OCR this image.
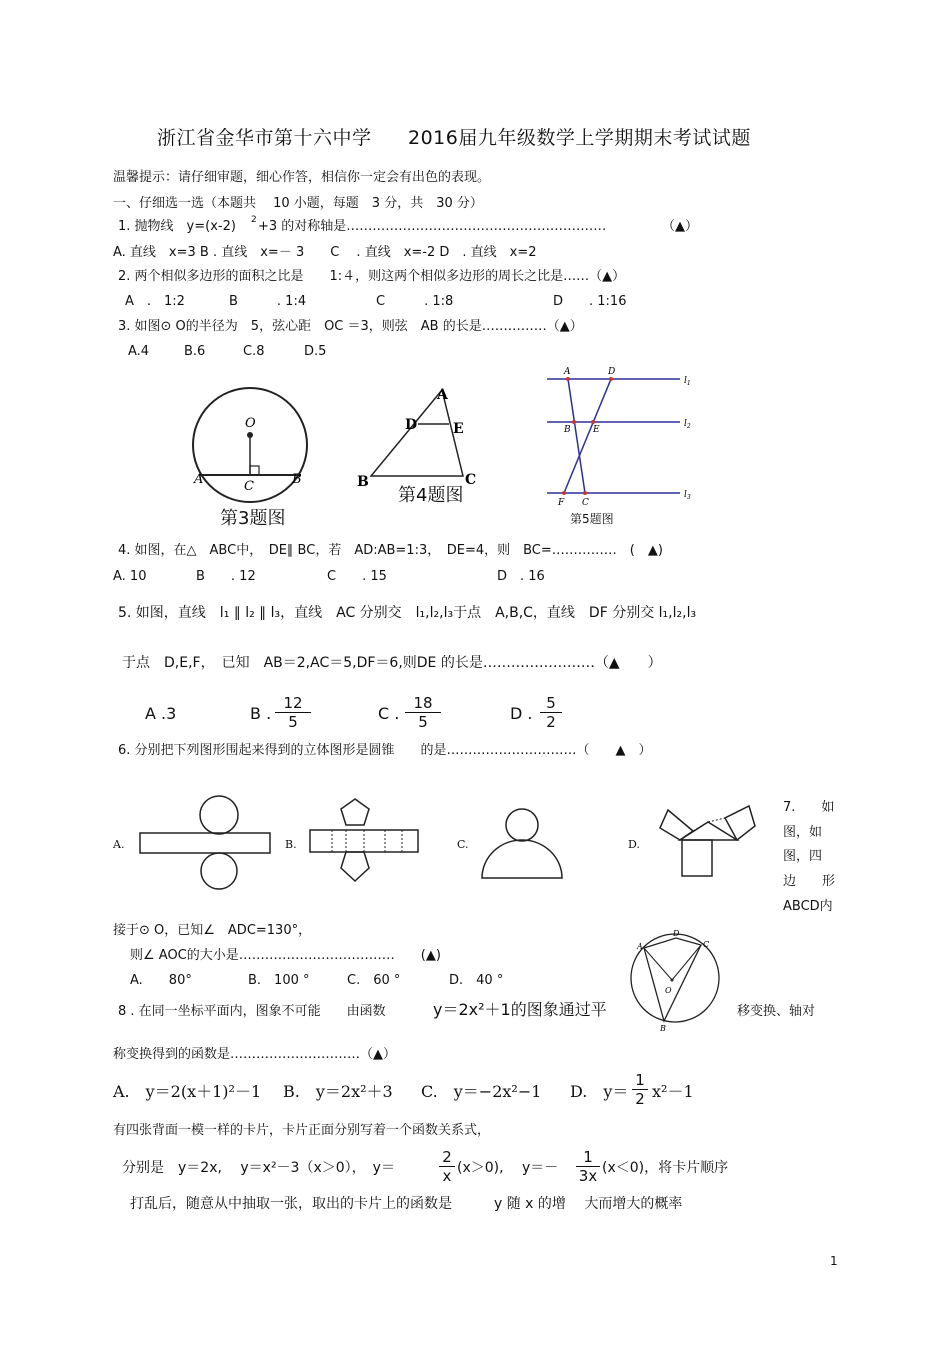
浙江省金华市第十六中学 2016届九年级数学上学期期末考试试题
温馨提示：请仔细审题，细心作答，相信你一定会有出色的表现。
一、仔细选一选（本题共　 10 小题，每题　3 分，共　30 分）
1. 抛物线　y=(x-2) 2 +3 的对称轴是……………………………………………………	（▲）
A. 直线　x=3 B . 直线　x=－ 3　　C　 . 直线　x=-2 D　. 直线　x=2
2. 两个相似多边形的面积之比是　　1:４，则这两个相似多边形的周长之比是……（▲）
A　.　1:2	B　　　. 1:4	C　　　. 1:8	D　　. 1:16
3. 如图⊙ O的半径为　5，弦心距　OC ＝3，则弦　AB 的长是……………（▲）
A.4	B.6	C.8	D.5
O
A	B
C
第3题图
A
D	E
B	C
第4题图
A	D
B E
F C
$l_1$
$l_2$
$l_3$
第5题图
4. 如图，在△　ABC中，　DE∥ BC，若　AD:AB=1:3，　DE=4，则　BC=……………　(　▲)
A. 10	B　　. 12	C　　. 15	D　. 16
5. 如图，直线　l₁ ∥ l₂ ∥ l₃，直线　AC 分别交　l₁,l₂,l₃于点　A,B,C，直线　DF 分别交 l₁,l₂,l₃
于点　D,E,F，　已知　AB＝2,AC＝5,DF＝6,则DE 的长是……………………（▲　　）
A .3	B . $\frac{12}{5}$	C . $\frac{18}{5}$	D . $\frac{5}{2}$
6. 分别把下列图形围起来得到的立体图形是圆锥　　的是…………………………（　　▲　）
A.	B.	C.	D.
7.　　如
图，如
图，四
边　　形
ABCD内
接于⊙ O，已知∠　ADC=130°，
则∠ AOC的大小是………………………………　　(▲)
A.　　80°	B.　100 °	C.　60 °	D.　40 °
A
D
C
O
B
8 . 在同一坐标平面内，图象不可能　　由函数	y＝2x²＋1的图象通过平	移变换、轴对
称变换得到的函数是…………………………（▲）
A.　y＝2(x＋1)²－1 B.　y＝2x²＋3 C.　y＝−2x²−1 D.　$y= \frac{1}{2} x^2-1$
有四张背面一模一样的卡片，卡片正面分别写着一个函数关系式，
分别是　y＝2x,　 y＝x²－3（x＞0），　y＝	$\frac{2}{x} (x>0)$,　 $y=- \frac{1}{3x} (x<0)$，将卡片顺序
打乱后，随意从中抽取一张，取出的卡片上的函数是　　　y 随 x 的增　 大而增大的概率
1
